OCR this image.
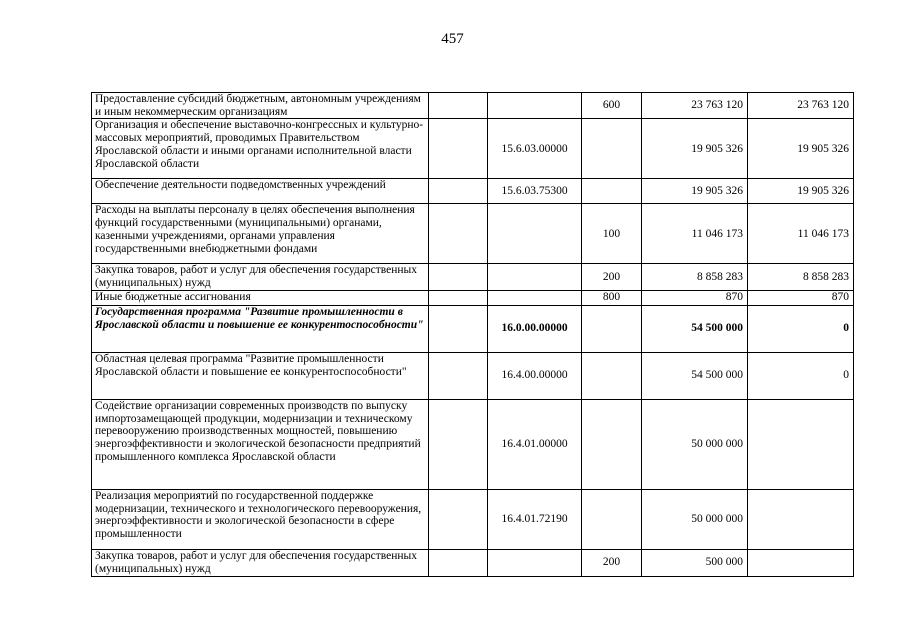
457
Предоставление субсидий бюджетным, автономным учреждениям и иным некоммерческим организациям			600	23 763 120	23 763 120
Организация и обеспечение выставочно-конгрессных и культурно-массовых мероприятий, проводимых Правительством Ярославской области и иными органами исполнительной власти Ярославской области		15.6.03.00000		19 905 326	19 905 326
Обеспечение деятельности подведомственных учреждений		15.6.03.75300		19 905 326	19 905 326
Расходы на выплаты персоналу в целях обеспечения выполнения функций государственными (муниципальными) органами, казенными учреждениями, органами управления государственными внебюджетными фондами			100	11 046 173	11 046 173
Закупка товаров, работ и услуг для обеспечения государственных (муниципальных) нужд			200	8 858 283	8 858 283
Иные бюджетные ассигнования			800	870	870
Государственная программа "Развитие промышленности в Ярославской области и повышение ее конкурентоспособности"		16.0.00.00000		54 500 000	0
Областная целевая программа "Развитие промышленности Ярославской области и повышение ее конкурентоспособности"		16.4.00.00000		54 500 000	0
Содействие организации современных производств по выпуску импортозамещающей продукции, модернизации и техническому перевооружению производственных мощностей, повышению энергоэффективности и экологической безопасности предприятий промышленного комплекса Ярославской области		16.4.01.00000		50 000 000	
Реализация мероприятий по государственной поддержке модернизации, технического и технологического перевооружения, энергоэффективности и экологической безопасности в сфере промышленности		16.4.01.72190		50 000 000	
Закупка товаров, работ и услуг для обеспечения государственных (муниципальных) нужд			200	500 000	
